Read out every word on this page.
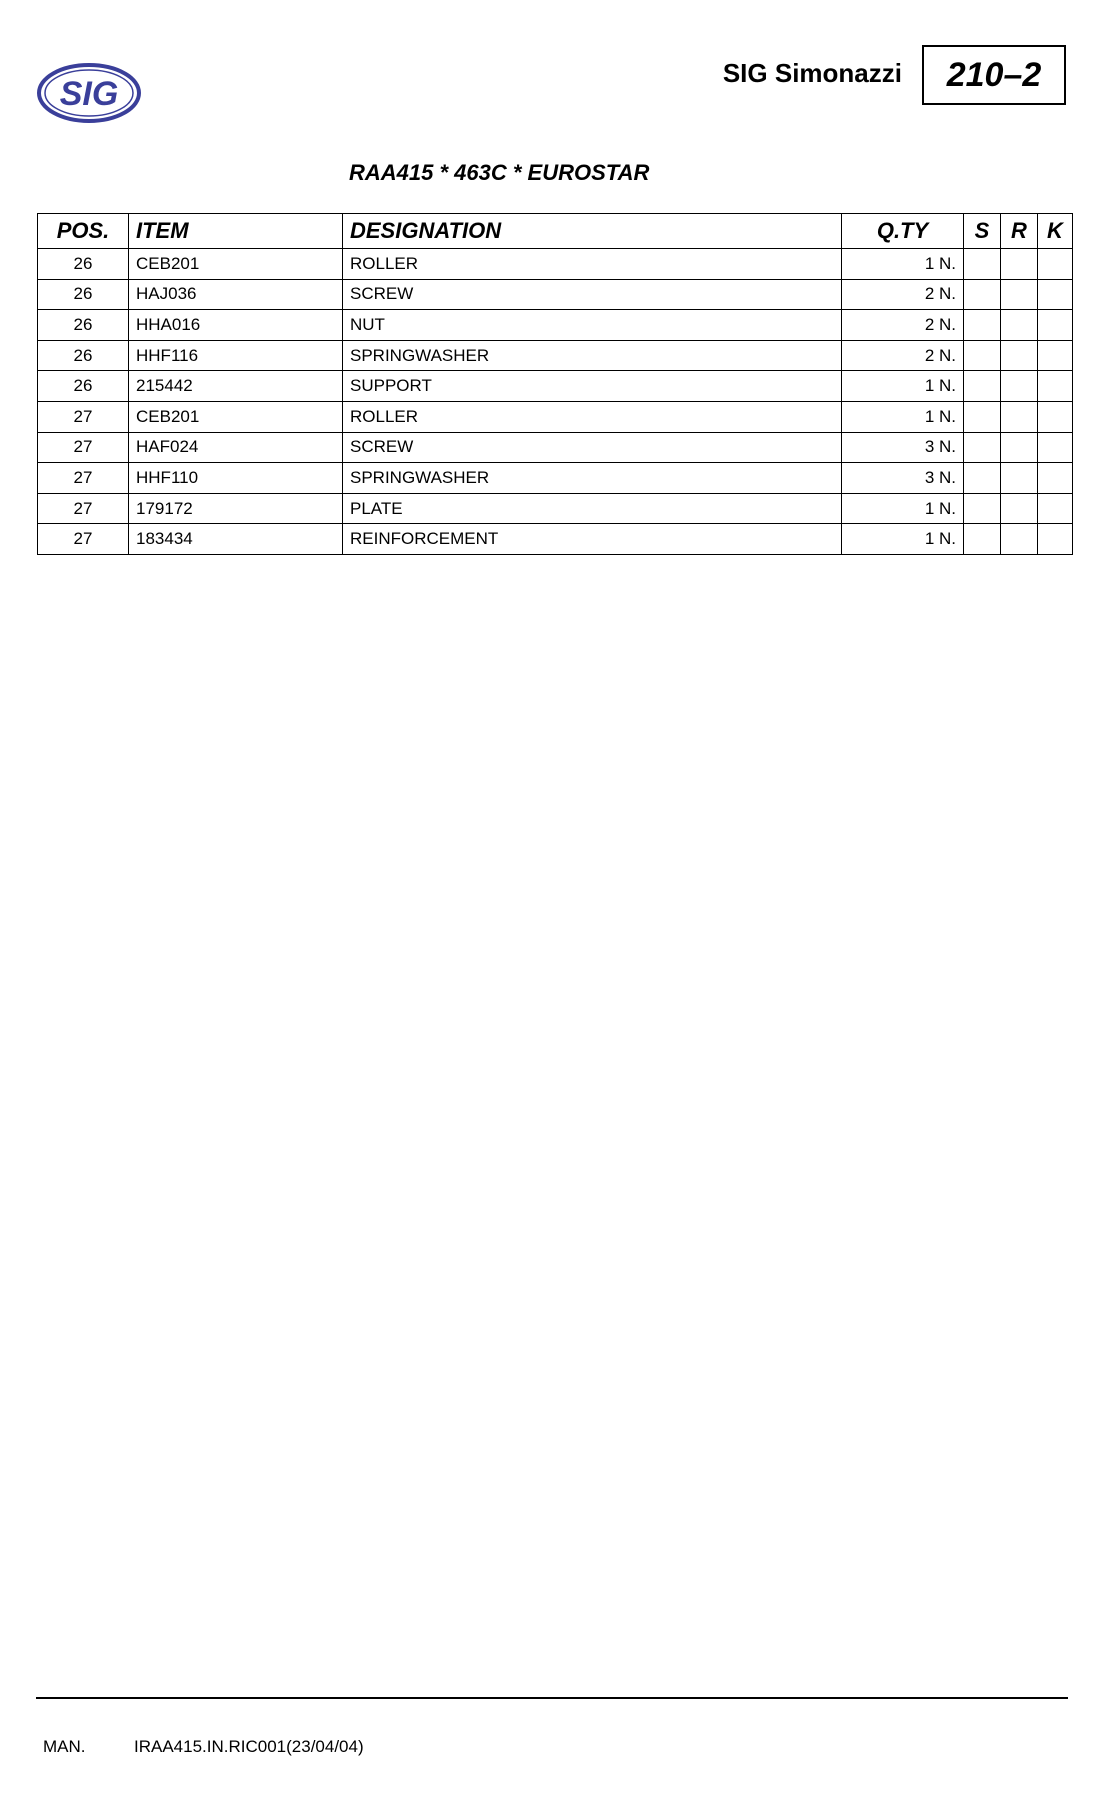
SIG
SIG Simonazzi	210–2
RAA415 * 463C * EUROSTAR
POS.	ITEM	DESIGNATION	Q.TY	S	R	K
26	CEB201	ROLLER	1 N.			
26	HAJ036	SCREW	2 N.			
26	HHA016	NUT	2 N.			
26	HHF116	SPRINGWASHER	2 N.			
26	215442	SUPPORT	1 N.			
27	CEB201	ROLLER	1 N.			
27	HAF024	SCREW	3 N.			
27	HHF110	SPRINGWASHER	3 N.			
27	179172	PLATE	1 N.			
27	183434	REINFORCEMENT	1 N.			
MAN.	IRAA415.IN.RIC001(23/04/04)
